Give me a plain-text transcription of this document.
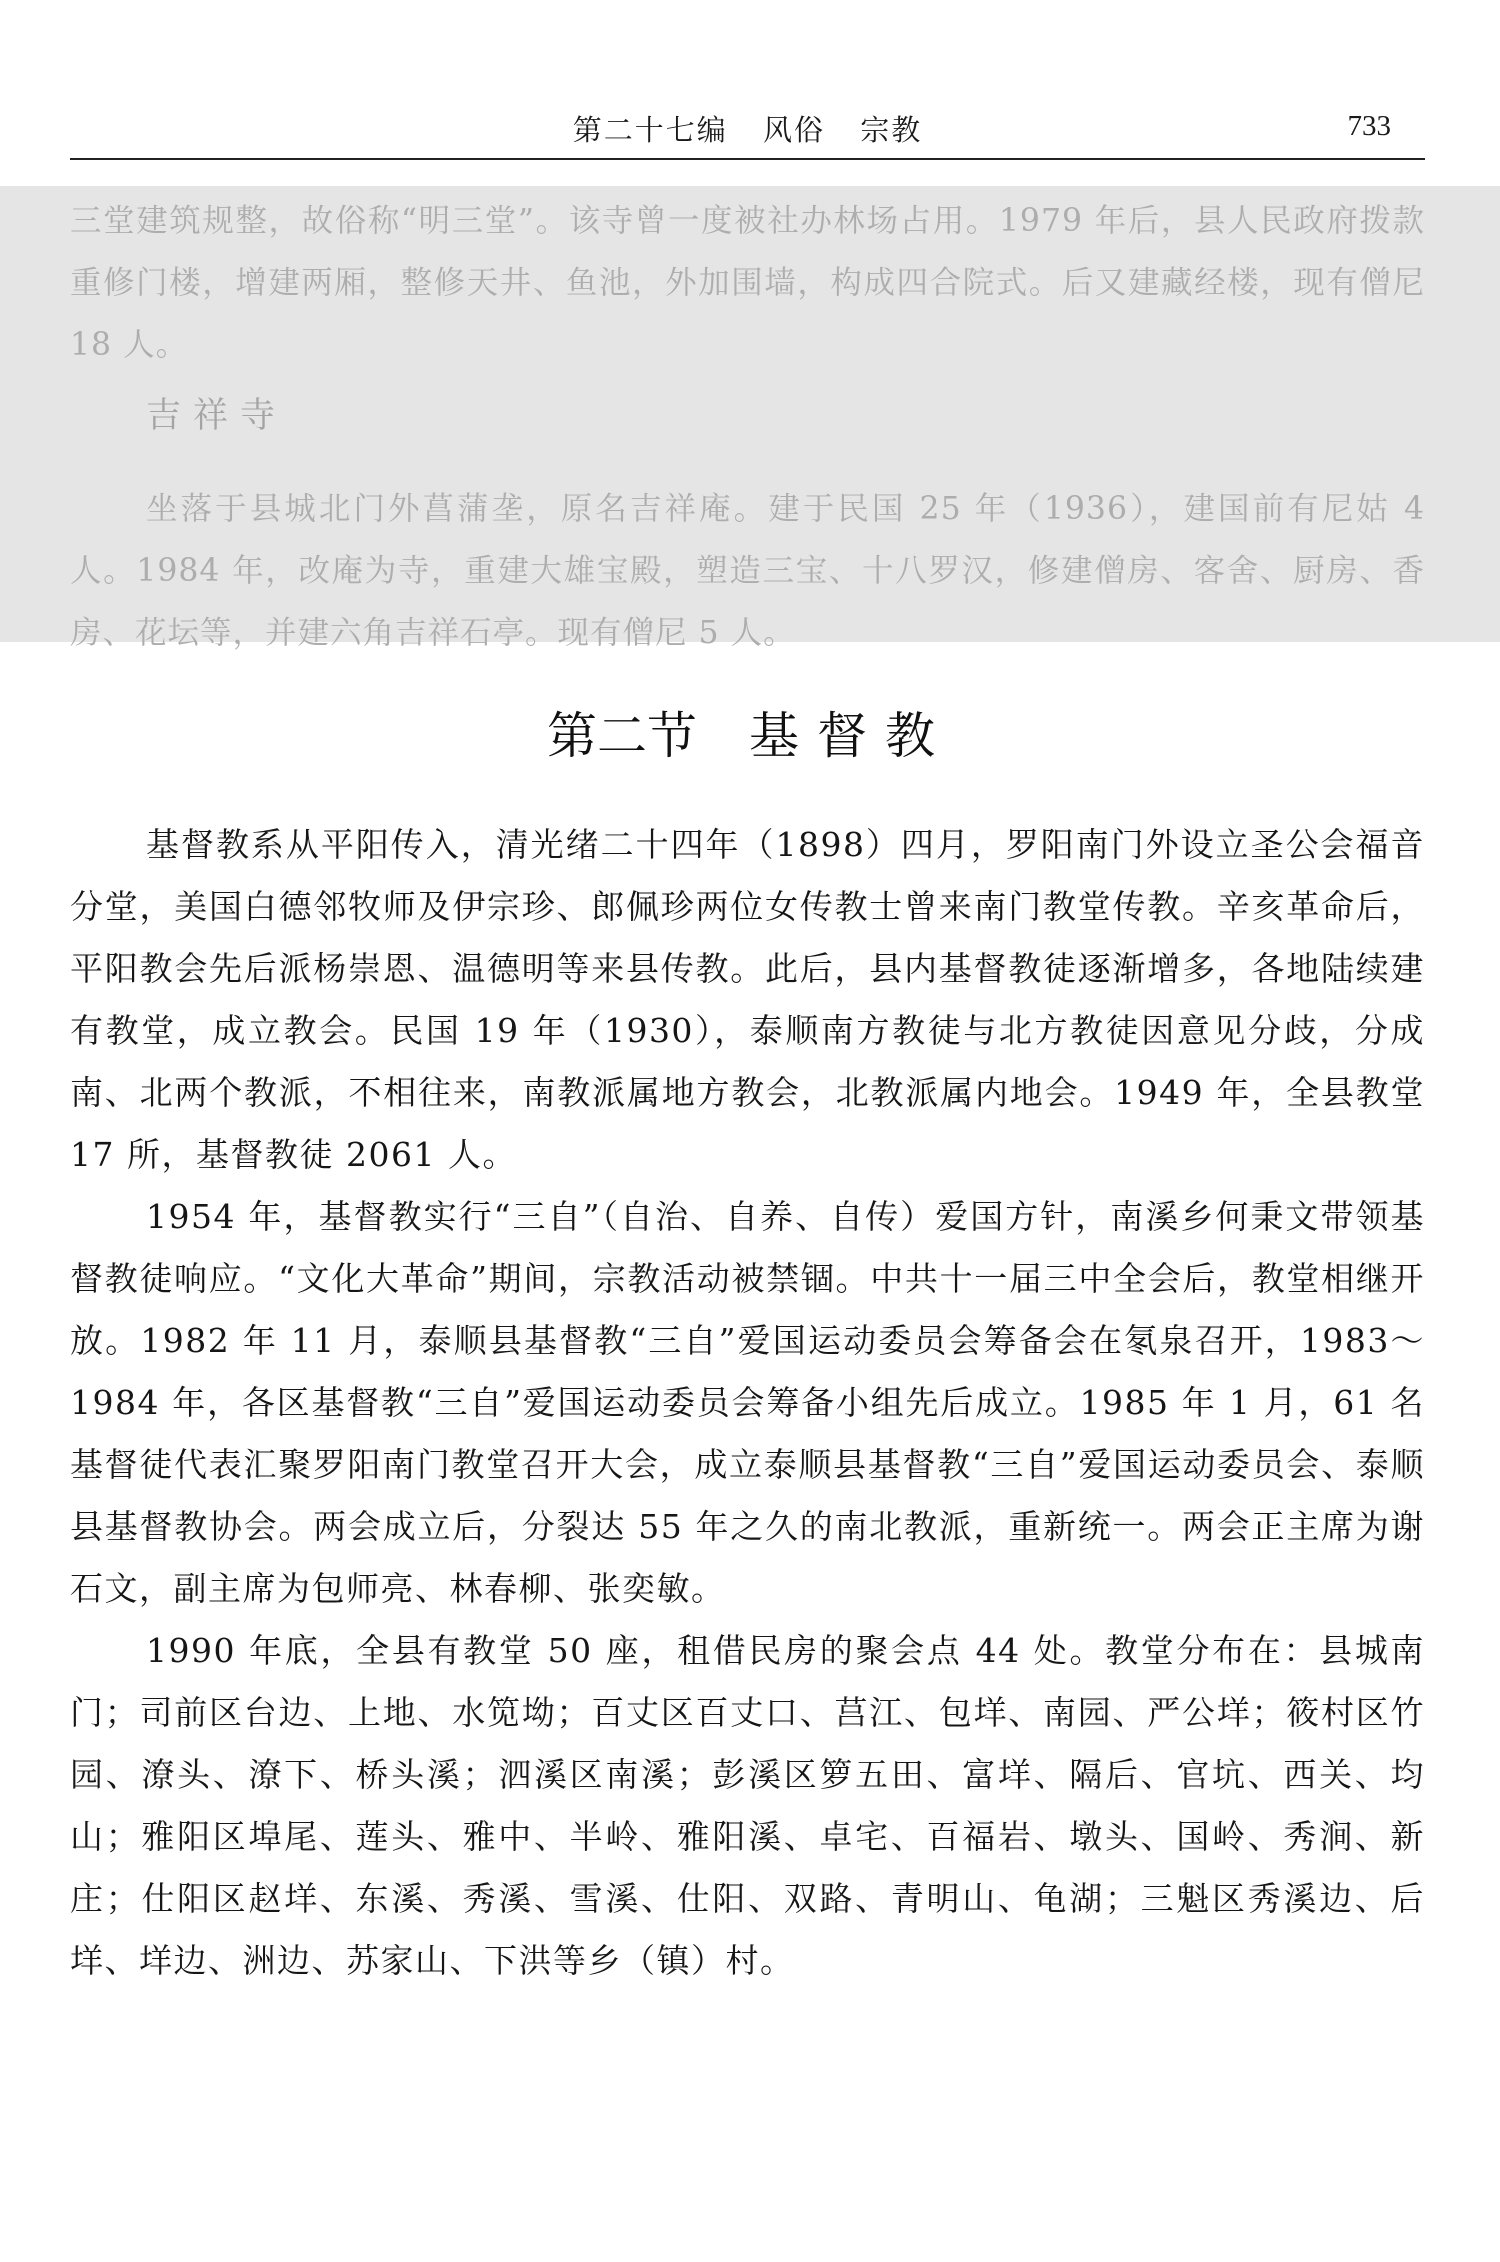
第二十七编 风俗 宗教	733
三堂建筑规整，故俗称“明三堂”。该寺曾一度被社办林场占用。1979 年后，县人民政府拨款重修门楼，增建两厢，整修天井、鱼池，外加围墙，构成四合院式。后又建藏经楼，现有僧尼 18 人。
吉祥寺
坐落于县城北门外菖蒲垄，原名吉祥庵。建于民国 25 年（1936），建国前有尼姑 4 人。1984 年，改庵为寺，重建大雄宝殿，塑造三宝、十八罗汉，修建僧房、客舍、厨房、香房、花坛等，并建六角吉祥石亭。现有僧尼 5 人。
第二节 基督教

基督教系从平阳传入，清光绪二十四年（1898）四月，罗阳南门外设立圣公会福音分堂，美国白德邻牧师及伊宗珍、郎佩珍两位女传教士曾来南门教堂传教。辛亥革命后，平阳教会先后派杨崇恩、温德明等来县传教。此后，县内基督教徒逐渐增多，各地陆续建有教堂，成立教会。民国 19 年（1930），泰顺南方教徒与北方教徒因意见分歧，分成南、北两个教派，不相往来，南教派属地方教会，北教派属内地会。1949 年，全县教堂 17 所，基督教徒 2061 人。

1954 年，基督教实行“三自”（自治、自养、自传）爱国方针，南溪乡何秉文带领基督教徒响应。“文化大革命”期间，宗教活动被禁锢。中共十一届三中全会后，教堂相继开放。1982 年 11 月，泰顺县基督教“三自”爱国运动委员会筹备会在氡泉召开，1983～1984 年，各区基督教“三自”爱国运动委员会筹备小组先后成立。1985 年 1 月，61 名基督徒代表汇聚罗阳南门教堂召开大会，成立泰顺县基督教“三自”爱国运动委员会、泰顺县基督教协会。两会成立后，分裂达 55 年之久的南北教派，重新统一。两会正主席为谢石文，副主席为包师亮、林春柳、张奕敏。

1990 年底，全县有教堂 50 座，租借民房的聚会点 44 处。教堂分布在：县城南门；司前区台边、上地、水笕坳；百丈区百丈口、莒江、包垟、南园、严公垟；筱村区竹园、潦头、潦下、桥头溪；泗溪区南溪；彭溪区箩五田、富垟、隔后、官坑、西关、均山；雅阳区埠尾、莲头、雅中、半岭、雅阳溪、卓宅、百福岩、墩头、国岭、秀涧、新庄；仕阳区赵垟、东溪、秀溪、雪溪、仕阳、双路、青明山、龟湖；三魁区秀溪边、后垟、垟边、洲边、苏家山、下洪等乡（镇）村。
